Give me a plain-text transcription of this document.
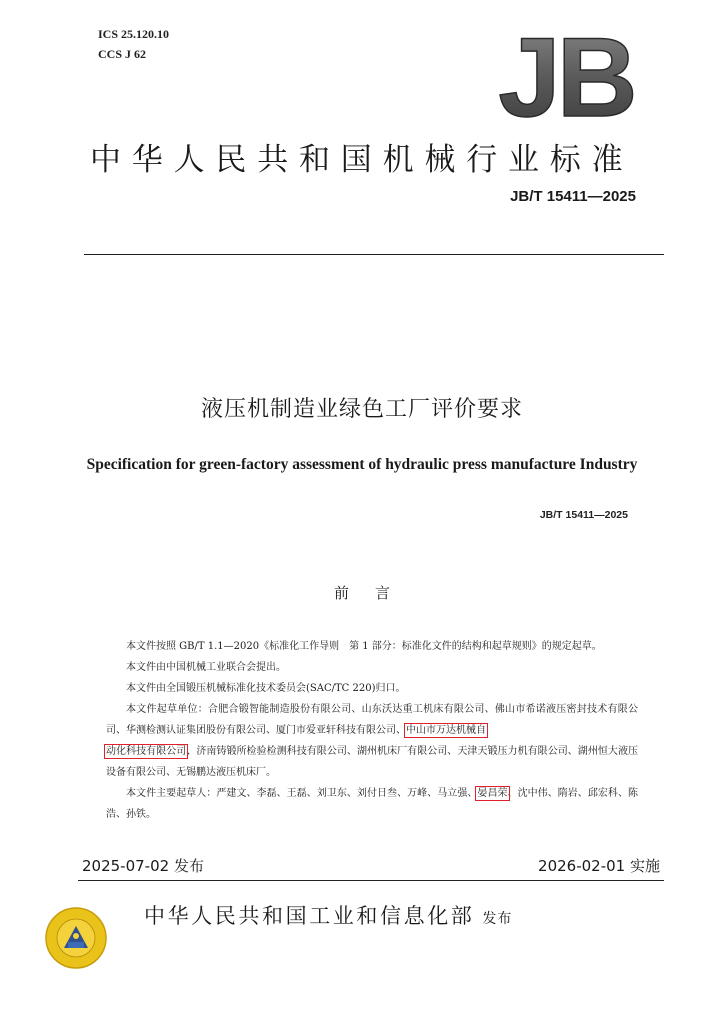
ICS 25.120.10
CCS J 62	JB
中华人民共和国机械行业标准
JB/T 15411—2025
液压机制造业绿色工厂评价要求
Specification for green-factory assessment of hydraulic press manufacture Industry
JB/T 15411—2025
前言

本文件按照 GB/T 1.1—2020《标准化工作导则　第 1 部分：标准化文件的结构和起草规则》的规定起草。

本文件由中国机械工业联合会提出。

本文件由全国锻压机械标准化技术委员会(SAC/TC 220)归口。

本文件起草单位：合肥合锻智能制造股份有限公司、山东沃达重工机床有限公司、佛山市希诺液压密封技术有限公司、华测检测认证集团股份有限公司、厦门市爱亚轩科技有限公司、中山市万达机械自
动化科技有限公司、济南铸锻所检验检测科技有限公司、湖州机床厂有限公司、天津天锻压力机有限公司、湖州恒大液压设备有限公司、无锡鹏达液压机床厂。

本文件主要起草人：严建文、李磊、王磊、刘卫东、刘付日叁、万峰、马立强、晏昌荣、沈中伟、隋岩、邱宏科、陈浩、孙铁。

2025-07-02 发布	2026-02-01 实施
中华人民共和国工业和信息化部 发布
